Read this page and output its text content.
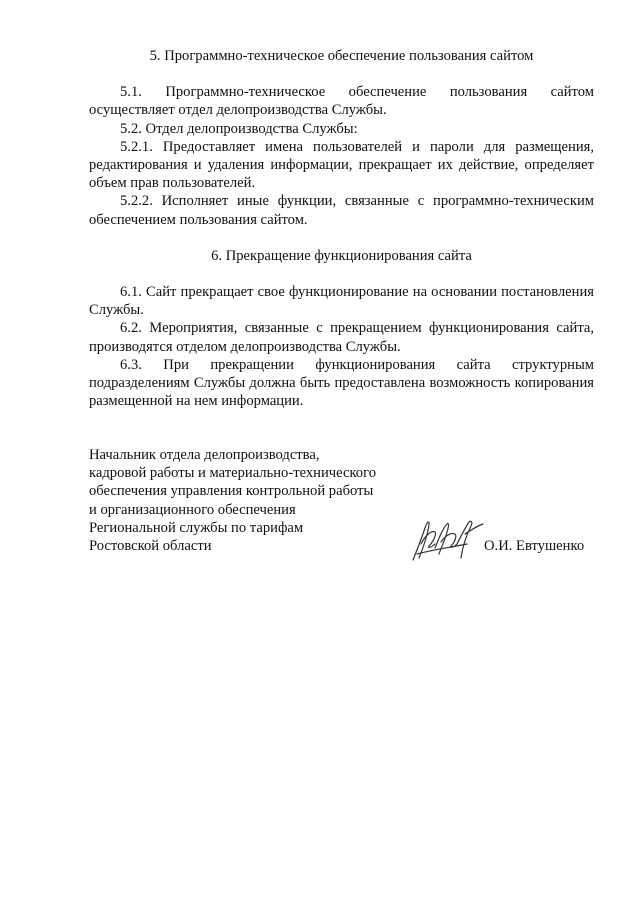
5. Программно-техническое обеспечение пользования сайтом

5.1. Программно-техническое обеспечение пользования сайтом осуществляет отдел делопроизводства Службы.

5.2. Отдел делопроизводства Службы:

5.2.1. Предоставляет имена пользователей и пароли для размещения, редактирования и удаления информации, прекращает их действие, определяет объем прав пользователей.

5.2.2. Исполняет иные функции, связанные с программно-техническим обеспечением пользования сайтом.

6. Прекращение функционирования сайта

6.1. Сайт прекращает свое функционирование на основании постановления Службы.

6.2. Мероприятия, связанные с прекращением функционирования сайта, производятся отделом делопроизводства Службы.

6.3. При прекращении функционирования сайта структурным подразделениям Службы должна быть предоставлена возможность копирования размещенной на нем информации.

Начальник отдела делопроизводства,

кадровой работы и материально-технического

обеспечения управления контрольной работы

и организационного обеспечения

Региональной службы по тарифам

Ростовской области	О.И. Евтушенко
